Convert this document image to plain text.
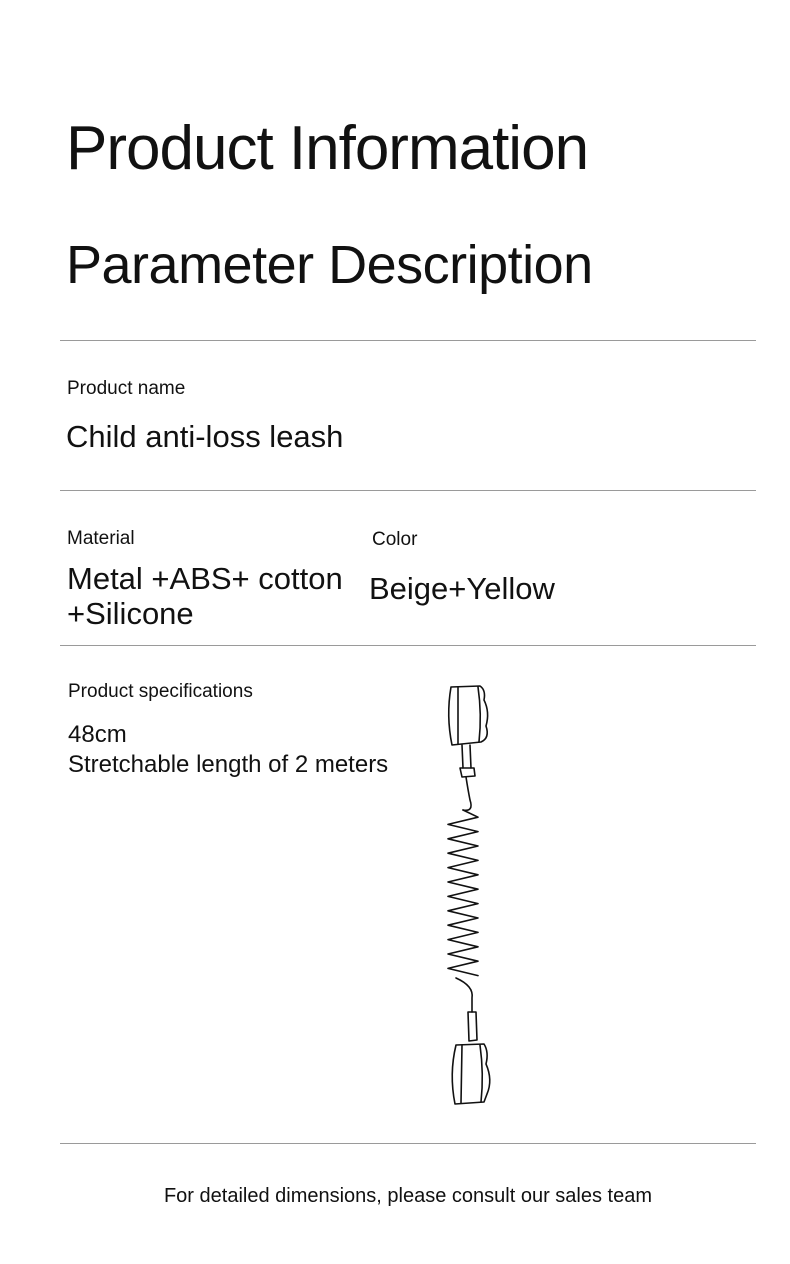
Product Information
Parameter Description
Product name
Child anti-loss leash
Material
Metal +ABS+ cotton
+Silicone
Color
Beige+Yellow
Product specifications
48cm
Stretchable length of 2 meters
For detailed dimensions, please consult our sales team
